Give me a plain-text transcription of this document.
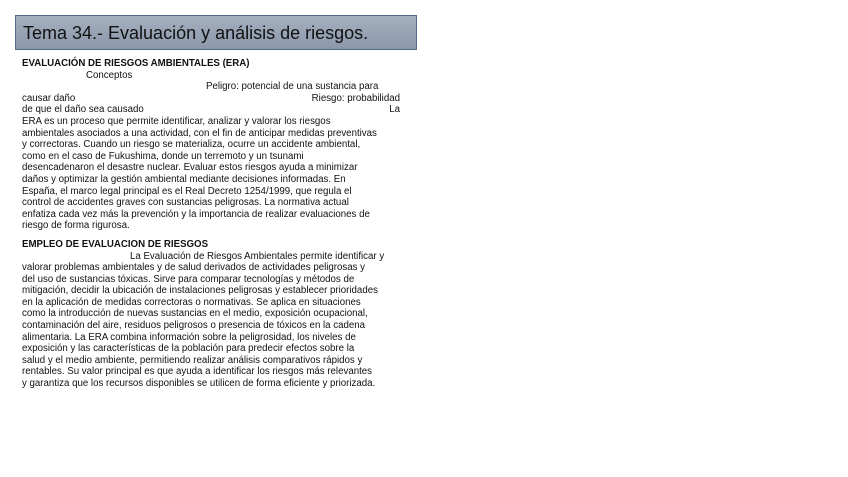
Tema 34.- Evaluación y análisis de riesgos.
EVALUACIÓN DE RIESGOS AMBIENTALES (ERA)
Conceptos
Peligro: potencial de una sustancia para
causar daño	Riesgo: probabilidad
de que el daño sea causado	La
ERA es un proceso que permite identificar, analizar y valorar los riesgos
ambientales asociados a una actividad, con el fin de anticipar medidas preventivas
y correctoras. Cuando un riesgo se materializa, ocurre un accidente ambiental,
como en el caso de Fukushima, donde un terremoto y un tsunami
desencadenaron el desastre nuclear. Evaluar estos riesgos ayuda a minimizar
daños y optimizar la gestión ambiental mediante decisiones informadas. En
España, el marco legal principal es el Real Decreto 1254/1999, que regula el
control de accidentes graves con sustancias peligrosas. La normativa actual
enfatiza cada vez más la prevención y la importancia de realizar evaluaciones de
riesgo de forma rigurosa.
EMPLEO DE EVALUACION DE RIESGOS
La Evaluación de Riesgos Ambientales permite identificar y
valorar problemas ambientales y de salud derivados de actividades peligrosas y
del uso de sustancias tóxicas. Sirve para comparar tecnologías y métodos de
mitigación, decidir la ubicación de instalaciones peligrosas y establecer prioridades
en la aplicación de medidas correctoras o normativas. Se aplica en situaciones
como la introducción de nuevas sustancias en el medio, exposición ocupacional,
contaminación del aire, residuos peligrosos o presencia de tóxicos en la cadena
alimentaria. La ERA combina información sobre la peligrosidad, los niveles de
exposición y las características de la población para predecir efectos sobre la
salud y el medio ambiente, permitiendo realizar análisis comparativos rápidos y
rentables. Su valor principal es que ayuda a identificar los riesgos más relevantes
y garantiza que los recursos disponibles se utilicen de forma eficiente y priorizada.
